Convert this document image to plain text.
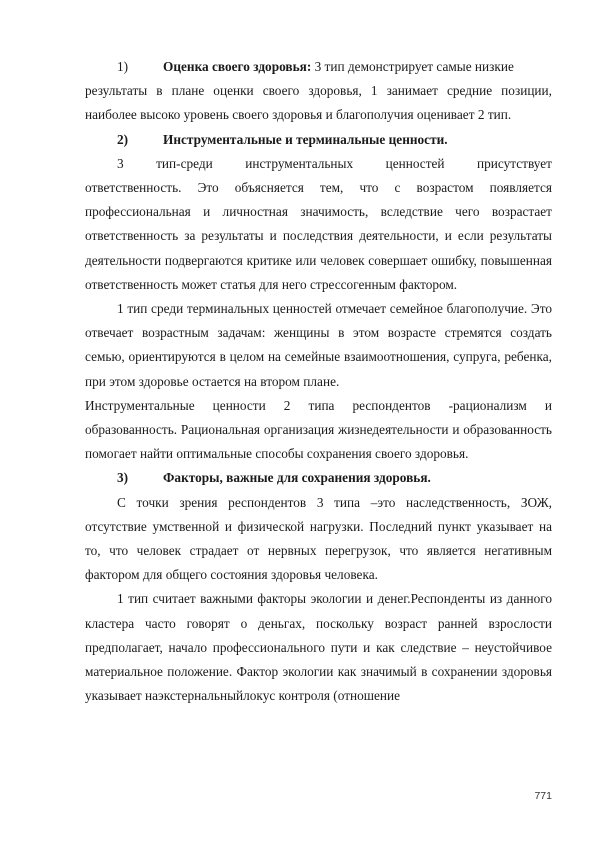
1)	Оценка своего здоровья: 3 тип демонстрирует самые низкие

результаты в плане оценки своего здоровья, 1 занимает средние позиции, наиболее высоко уровень своего здоровья и благополучия оценивает 2 тип.

2)	Инструментальные и терминальные ценности.
3 тип-среди инструментальных ценностей присутствует

ответственность. Это объясняется тем, что с возрастом появляется профессиональная и личностная значимость, вследствие чего возрастает ответственность за результаты и последствия деятельности, и если результаты деятельности подвергаются критике или человек совершает ошибку, повышенная ответственность может статья для него стрессогенным фактором.

1 тип среди терминальных ценностей отмечает семейное благополучие. Это отвечает возрастным задачам: женщины в этом возрасте стремятся создать семью, ориентируются в целом на семейные взаимоотношения, супруга, ребенка, при этом здоровье остается на втором плане.

Инструментальные ценности 2 типа респондентов -рационализм и образованность. Рациональная организация жизнедеятельности и образованность помогает найти оптимальные способы сохранения своего здоровья.

3)	Факторы, важные для сохранения здоровья.

С точки зрения респондентов 3 типа –это наследственность, ЗОЖ, отсутствие умственной и физической нагрузки. Последний пункт указывает на то, что человек страдает от нервных перегрузок, что является негативным фактором для общего состояния здоровья человека.

1 тип считает важными факторы экологии и денег.Респонденты из данного кластера часто говорят о деньгах, поскольку возраст ранней взрослости предполагает, начало профессионального пути и как следствие – неустойчивое материальное положение. Фактор экологии как значимый в сохранении здоровья указывает наэкстернальныйлокус контроля (отношение

771
